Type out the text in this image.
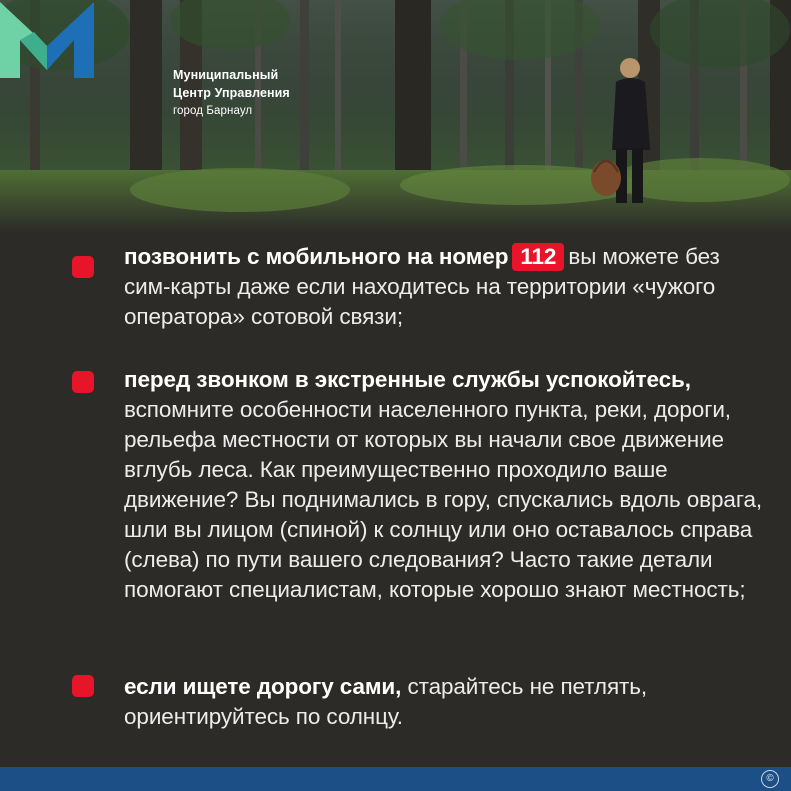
Муниципальный
Центр Управления
город Барнаул
позвонить с мобильного на номер 112 вы можете без сим-карты даже если находитесь на территории «чужого оператора» сотовой связи;
перед звонком в экстренные службы успокойтесь, вспомните особенности населенного пункта, реки, дороги, рельефа местности от которых вы начали свое движение вглубь леса. Как преимущественно проходило ваше движение? Вы поднимались в гору, спускались вдоль оврага, шли вы лицом (спиной) к солнцу или оно оставалось справа (слева) по пути вашего следования? Часто такие детали помогают специалистам, которые хорошо знают местность;
если ищете дорогу сами, старайтесь не петлять, ориентируйтесь по солнцу.
©
